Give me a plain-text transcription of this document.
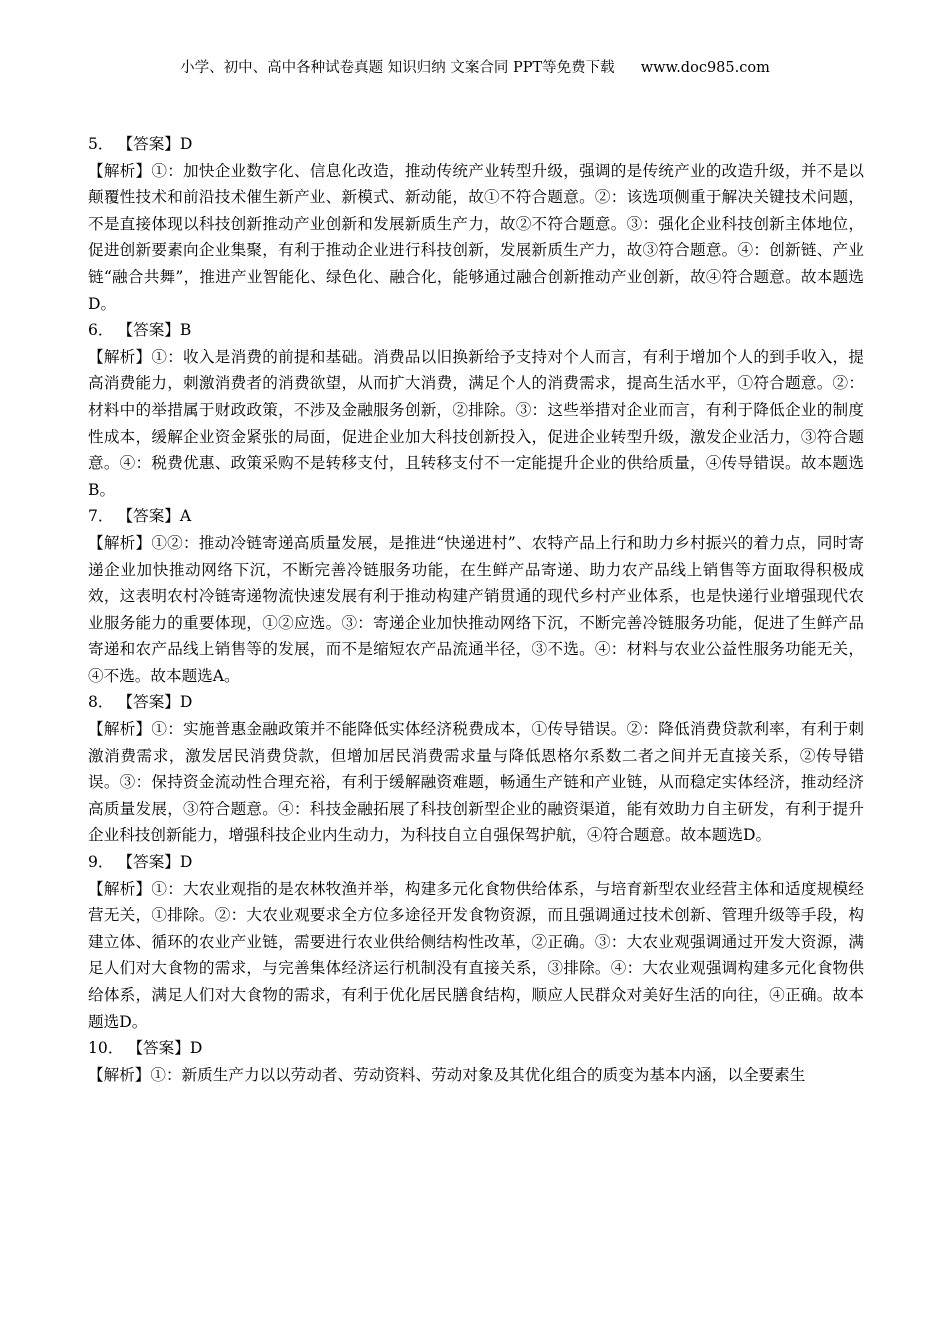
小学、初中、高中各种试卷真题 知识归纳 文案合同 PPT等免费下载 www.doc985.com

5． 【答案】D

【解析】①：加快企业数字化、信息化改造，推动传统产业转型升级，强调的是传统产业的改造升级，并不是以颠覆性技术和前沿技术催生新产业、新模式、新动能，故①不符合题意。②：该选项侧重于解决关键技术问题，不是直接体现以科技创新推动产业创新和发展新质生产力，故②不符合题意。③：强化企业科技创新主体地位，促进创新要素向企业集聚，有利于推动企业进行科技创新，发展新质生产力，故③符合题意。④：创新链、产业链“融合共舞”，推进产业智能化、绿色化、融合化，能够通过融合创新推动产业创新，故④符合题意。故本题选D。

6． 【答案】B

【解析】①：收入是消费的前提和基础。消费品以旧换新给予支持对个人而言，有利于增加个人的到手收入，提高消费能力，刺激消费者的消费欲望，从而扩大消费，满足个人的消费需求，提高生活水平，①符合题意。②：材料中的举措属于财政政策，不涉及金融服务创新，②排除。③：这些举措对企业而言，有利于降低企业的制度性成本，缓解企业资金紧张的局面，促进企业加大科技创新投入，促进企业转型升级，激发企业活力，③符合题意。④：税费优惠、政策采购不是转移支付，且转移支付不一定能提升企业的供给质量，④传导错误。故本题选B。

7． 【答案】A

【解析】①②：推动冷链寄递高质量发展，是推进“快递进村”、农特产品上行和助力乡村振兴的着力点，同时寄递企业加快推动网络下沉，不断完善冷链服务功能，在生鲜产品寄递、助力农产品线上销售等方面取得积极成效，这表明农村冷链寄递物流快速发展有利于推动构建产销贯通的现代乡村产业体系，也是快递行业增强现代农业服务能力的重要体现，①②应选。③：寄递企业加快推动网络下沉，不断完善冷链服务功能，促进了生鲜产品寄递和农产品线上销售等的发展，而不是缩短农产品流通半径，③不选。④：材料与农业公益性服务功能无关，④不选。故本题选A。

8． 【答案】D

【解析】①：实施普惠金融政策并不能降低实体经济税费成本，①传导错误。②：降低消费贷款利率，有利于刺激消费需求，激发居民消费贷款，但增加居民消费需求量与降低恩格尔系数二者之间并无直接关系，②传导错误。③：保持资金流动性合理充裕，有利于缓解融资难题，畅通生产链和产业链，从而稳定实体经济，推动经济高质量发展，③符合题意。④：科技金融拓展了科技创新型企业的融资渠道，能有效助力自主研发，有利于提升企业科技创新能力，增强科技企业内生动力，为科技自立自强保驾护航，④符合题意。故本题选D。

9． 【答案】D

【解析】①：大农业观指的是农林牧渔并举，构建多元化食物供给体系，与培育新型农业经营主体和适度规模经营无关，①排除。②：大农业观要求全方位多途径开发食物资源，而且强调通过技术创新、管理升级等手段，构建立体、循环的农业产业链，需要进行农业供给侧结构性改革，②正确。③：大农业观强调通过开发大资源，满足人们对大食物的需求，与完善集体经济运行机制没有直接关系，③排除。④：大农业观强调构建多元化食物供给体系，满足人们对大食物的需求，有利于优化居民膳食结构，顺应人民群众对美好生活的向往，④正确。故本题选D。

10． 【答案】D

【解析】①：新质生产力以以劳动者、劳动资料、劳动对象及其优化组合的质变为基本内涵，以全要素生
